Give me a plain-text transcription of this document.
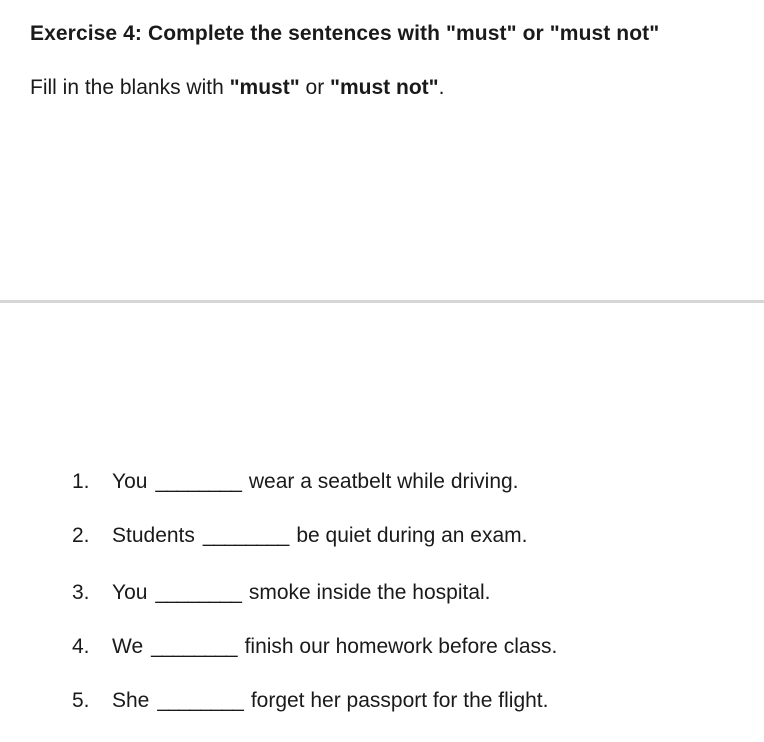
Exercise 4: Complete the sentences with "must" or "must not"
Fill in the blanks with "must" or "must not".
1.	You ________ wear a seatbelt while driving.
2.	Students ________ be quiet during an exam.
3.	You ________ smoke inside the hospital.
4.	We ________ finish our homework before class.
5.	She ________ forget her passport for the flight.
